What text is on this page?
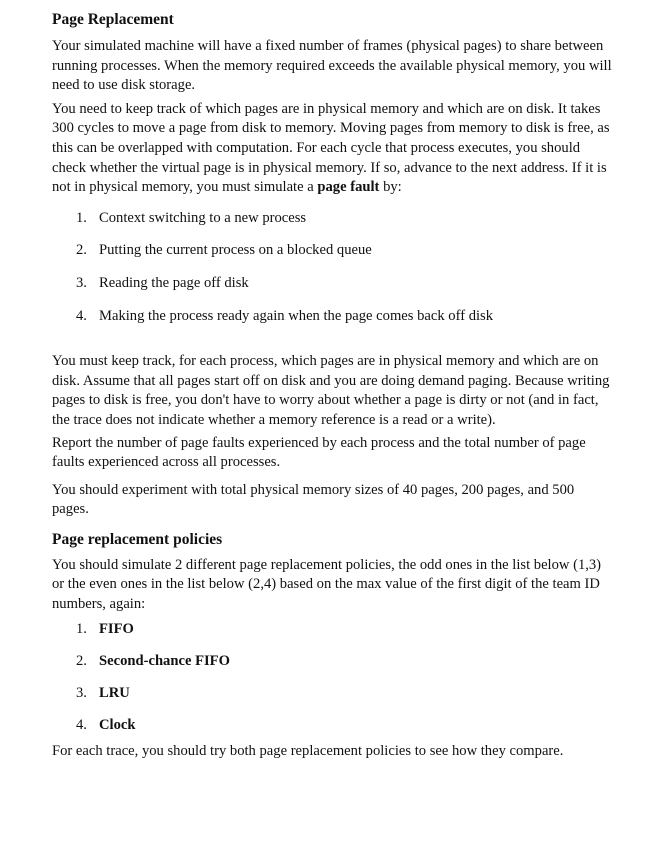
Page Replacement

Your simulated machine will have a fixed number of frames (physical pages) to share between running processes. When the memory required exceeds the available physical memory, you will need to use disk storage.

You need to keep track of which pages are in physical memory and which are on disk. It takes 300 cycles to move a page from disk to memory. Moving pages from memory to disk is free, as this can be overlapped with computation. For each cycle that process executes, you should check whether the virtual page is in physical memory. If so, advance to the next address. If it is not in physical memory, you must simulate a page fault by:

1. Context switching to a new process
2. Putting the current process on a blocked queue
3. Reading the page off disk
4. Making the process ready again when the page comes back off disk

You must keep track, for each process, which pages are in physical memory and which are on disk. Assume that all pages start off on disk and you are doing demand paging. Because writing pages to disk is free, you don't have to worry about whether a page is dirty or not (and in fact, the trace does not indicate whether a memory reference is a read or a write).

Report the number of page faults experienced by each process and the total number of page faults experienced across all processes.

You should experiment with total physical memory sizes of 40 pages, 200 pages, and 500 pages.

Page replacement policies

You should simulate 2 different page replacement policies, the odd ones in the list below (1,3) or the even ones in the list below (2,4) based on the max value of the first digit of the team ID numbers, again:

1. FIFO
2. Second-chance FIFO
3. LRU
4. Clock

For each trace, you should try both page replacement policies to see how they compare.
